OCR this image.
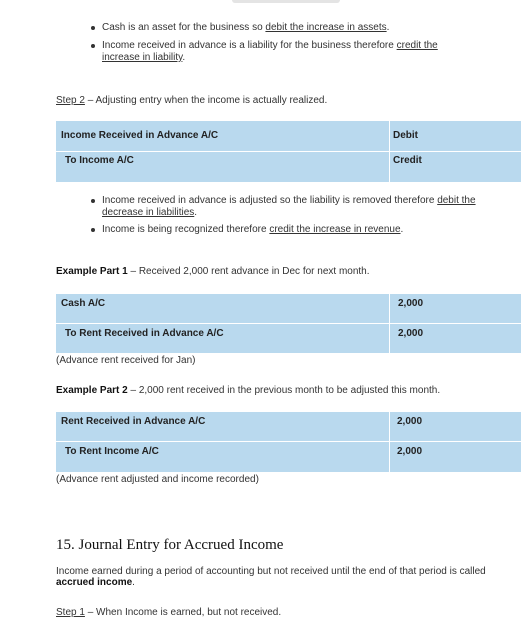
Cash is an asset for the business so debit the increase in assets.
Income received in advance is a liability for the business therefore credit the increase in liability.

Step 2 – Adjusting entry when the income is actually realized.

Income Received in Advance A/C	Debit
To Income A/C	Credit
Income received in advance is adjusted so the liability is removed therefore debit the decrease in liabilities.
Income is being recognized therefore credit the increase in revenue.

Example Part 1 – Received 2,000 rent advance in Dec for next month.

Cash A/C	2,000
To Rent Received in Advance A/C	2,000

(Advance rent received for Jan)

Example Part 2 – 2,000 rent received in the previous month to be adjusted this month.

Rent Received in Advance A/C	2,000
To Rent Income A/C	2,000

(Advance rent adjusted and income recorded)

15. Journal Entry for Accrued Income

Income earned during a period of accounting but not received until the end of that period is called accrued income.

Step 1 – When Income is earned, but not received.
